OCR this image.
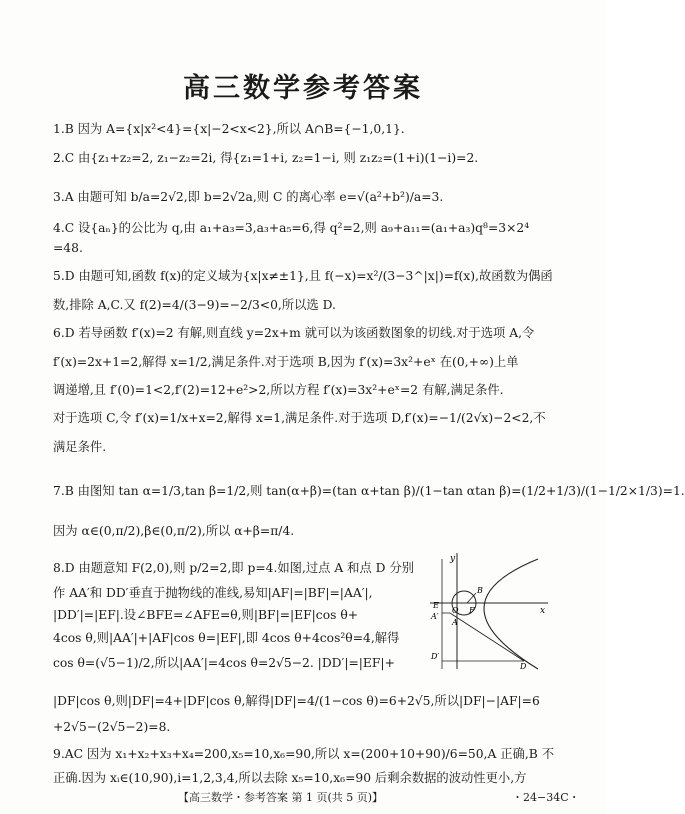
高三数学参考答案
1.B 因为 A={x|x²<4}={x|−2<x<2},所以 A∩B={−1,0,1}.
2.C 由{z₁+z₂=2, z₁−z₂=2i, 得{z₁=1+i, z₂=1−i, 则 z₁z₂=(1+i)(1−i)=2.
3.A 由题可知 b/a=2√2,即 b=2√2a,则 C 的离心率 e=√(a²+b²)/a=3.
4.C 设{aₙ}的公比为 q,由 a₁+a₃=3,a₃+a₅=6,得 q²=2,则 a₉+a₁₁=(a₁+a₃)q⁸=3×2⁴
=48.
5.D 由题可知,函数 f(x)的定义域为{x|x≠±1},且 f(−x)=x²/(3−3^|x|)=f(x),故函数为偶函
数,排除 A,C.又 f(2)=4/(3−9)=−2/3<0,所以选 D.
6.D 若导函数 f′(x)=2 有解,则直线 y=2x+m 就可以为该函数图象的切线.对于选项 A,令
f′(x)=2x+1=2,解得 x=1/2,满足条件.对于选项 B,因为 f′(x)=3x²+eˣ 在(0,+∞)上单
调递增,且 f′(0)=1<2,f′(2)=12+e²>2,所以方程 f′(x)=3x²+eˣ=2 有解,满足条件.
对于选项 C,令 f′(x)=1/x+x=2,解得 x=1,满足条件.对于选项 D,f′(x)=−1/(2√x)−2<2,不
满足条件.
7.B 由图知 tan α=1/3,tan β=1/2,则 tan(α+β)=(tan α+tan β)/(1−tan αtan β)=(1/2+1/3)/(1−1/2×1/3)=1.
因为 α∈(0,π/2),β∈(0,π/2),所以 α+β=π/4.
8.D 由题意知 F(2,0),则 p/2=2,即 p=4.如图,过点 A 和点 D 分别
作 AA′和 DD′垂直于抛物线的准线,易知|AF|=|BF|=|AA′|,
|DD′|=|EF|.设∠BFE=∠AFE=θ,则|BF|=|EF|cos θ+
4cos θ,则|AA′|+|AF|cos θ=|EF|,即 4cos θ+4cos²θ=4,解得
cos θ=(√5−1)/2,所以|AA′|=4cos θ=2√5−2. |DD′|=|EF|+
|DF|cos θ,则|DF|=4+|DF|cos θ,解得|DF|=4/(1−cos θ)=6+2√5,所以|DF|−|AF|=6
+2√5−(2√5−2)=8.
9.AC 因为 x₁+x₂+x₃+x₄=200,x₅=10,x₆=90,所以 x=(200+10+90)/6=50,A 正确,B 不
正确.因为 xᵢ∈(10,90),i=1,2,3,4,所以去除 x₅=10,x₆=90 后剩余数据的波动性更小,方
y
x
O F
B
E
A
A′
D′
D
【高三数学・参考答案 第 1 页(共 5 页)】	・24−34C・
